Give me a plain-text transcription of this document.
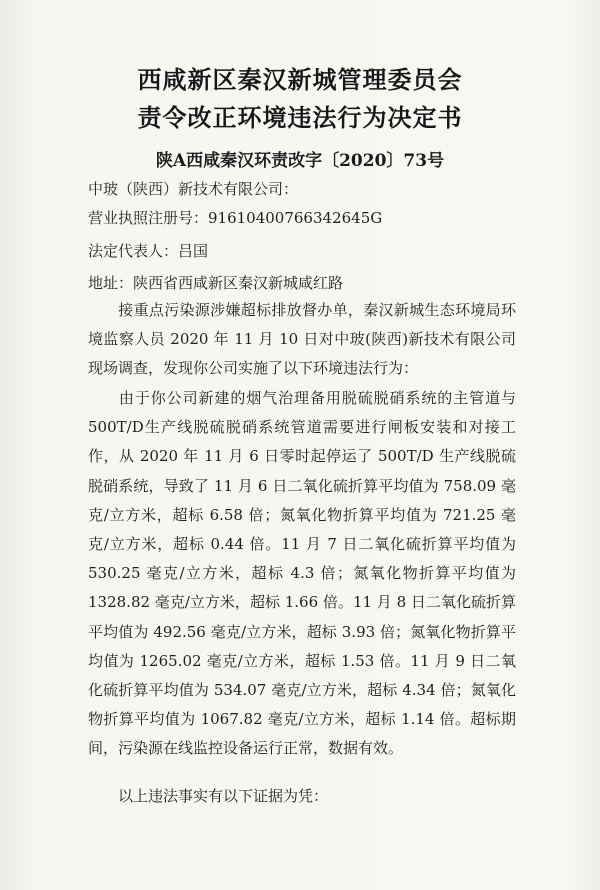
西咸新区秦汉新城管理委员会
责令改正环境违法行为决定书
陕A西咸秦汉环责改字〔2020〕73号
中玻（陕西）新技术有限公司：
营业执照注册号：91610400766342645G
法定代表人：吕国
地址：陕西省西咸新区秦汉新城咸红路
接重点污染源涉嫌超标排放督办单，秦汉新城生态环境局环境监察人员 2020 年 11 月 10 日对中玻(陕西)新技术有限公司现场调查，发现你公司实施了以下环境违法行为：
由于你公司新建的烟气治理备用脱硫脱硝系统的主管道与500T/D生产线脱硫脱硝系统管道需要进行闸板安装和对接工作，从 2020 年 11 月 6 日零时起停运了 500T/D 生产线脱硫脱硝系统，导致了 11 月 6 日二氧化硫折算平均值为 758.09 毫克/立方米，超标 6.58 倍；氮氧化物折算平均值为 721.25 毫克/立方米，超标 0.44 倍。11 月 7 日二氧化硫折算平均值为 530.25 毫克/立方米，超标 4.3 倍；氮氧化物折算平均值为 1328.82 毫克/立方米，超标 1.66 倍。11 月 8 日二氧化硫折算平均值为 492.56 毫克/立方米，超标 3.93 倍；氮氧化物折算平均值为 1265.02 毫克/立方米，超标 1.53 倍。11 月 9 日二氧化硫折算平均值为 534.07 毫克/立方米，超标 4.34 倍；氮氧化物折算平均值为 1067.82 毫克/立方米，超标 1.14 倍。超标期间，污染源在线监控设备运行正常，数据有效。
以上违法事实有以下证据为凭：
